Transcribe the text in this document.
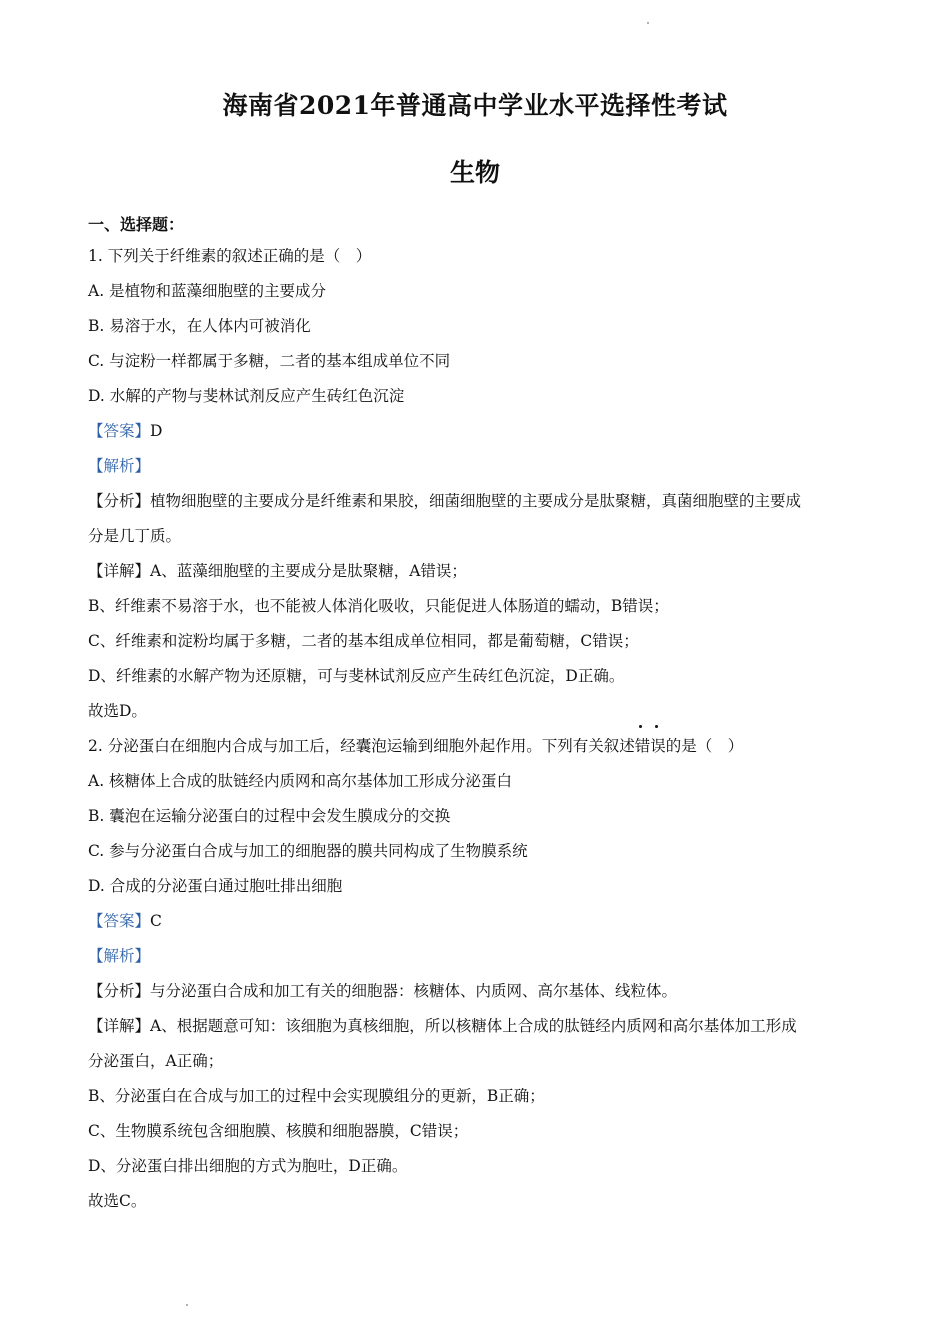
海南省2021年普通高中学业水平选择性考试
生物
一、选择题：
1. 下列关于纤维素的叙述正确的是（　）
A. 是植物和蓝藻细胞壁的主要成分
B. 易溶于水，在人体内可被消化
C. 与淀粉一样都属于多糖，二者的基本组成单位不同
D. 水解的产物与斐林试剂反应产生砖红色沉淀
【答案】D
【解析】
【分析】植物细胞壁的主要成分是纤维素和果胶，细菌细胞壁的主要成分是肽聚糖，真菌细胞壁的主要成
分是几丁质。
【详解】A、蓝藻细胞壁的主要成分是肽聚糖，A错误；
B、纤维素不易溶于水，也不能被人体消化吸收，只能促进人体肠道的蠕动，B错误；
C、纤维素和淀粉均属于多糖，二者的基本组成单位相同，都是葡萄糖，C错误；
D、纤维素的水解产物为还原糖，可与斐林试剂反应产生砖红色沉淀，D正确。
故选D。
2. 分泌蛋白在细胞内合成与加工后，经囊泡运输到细胞外起作用。下列有关叙述
错误的是（　）
A. 核糖体上合成的肽链经内质网和高尔基体加工形成分泌蛋白
B. 囊泡在运输分泌蛋白的过程中会发生膜成分的交换
C. 参与分泌蛋白合成与加工的细胞器的膜共同构成了生物膜系统
D. 合成的分泌蛋白通过胞吐排出细胞
【答案】C
【解析】
【分析】与分泌蛋白合成和加工有关的细胞器：核糖体、内质网、高尔基体、线粒体。
【详解】A、根据题意可知：该细胞为真核细胞，所以核糖体上合成的肽链经内质网和高尔基体加工形成
分泌蛋白，A正确；
B、分泌蛋白在合成与加工的过程中会实现膜组分的更新，B正确；
C、生物膜系统包含细胞膜、核膜和细胞器膜，C错误；
D、分泌蛋白排出细胞的方式为胞吐，D正确。
故选C。
